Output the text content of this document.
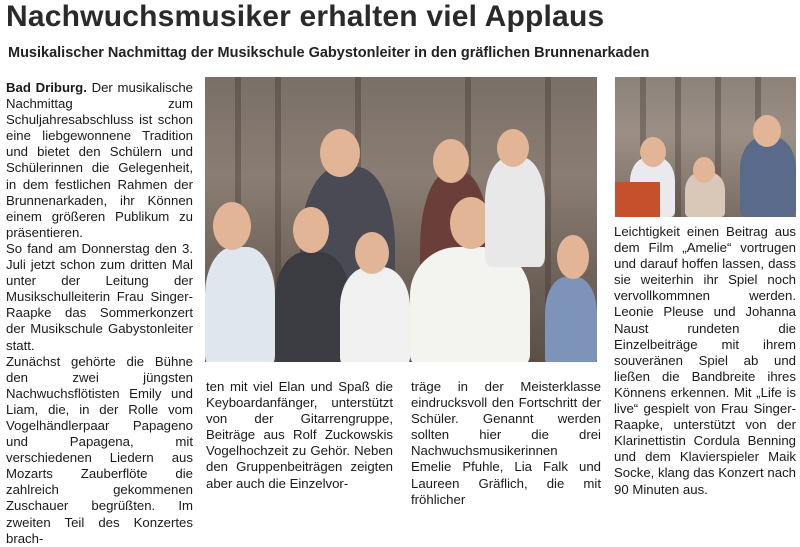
Nachwuchsmusiker erhalten viel Applaus
Musikalischer Nachmittag der Musikschule Gabystonleiter in den gräflichen Brunnenarkaden

Bad Driburg. Der musikalische Nachmittag zum Schuljahresabschluss ist schon eine liebgewonnene Tradition und bietet den Schülern und Schülerinnen die Gelegenheit, in dem festlichen Rahmen der Brunnenarkaden, ihr Können einem größeren Publikum zu präsentieren.

So fand am Donnerstag den 3. Juli jetzt schon zum dritten Mal unter der Leitung der Musikschulleiterin Frau Singer-Raapke das Sommerkonzert der Musikschule Gabystonleiter statt.

Zunächst gehörte die Bühne den zwei jüngsten Nachwuchsflötisten Emily und Liam, die, in der Rolle vom Vogelhändlerpaar Papageno und Papagena, mit verschiedenen Liedern aus Mozarts Zauberflöte die zahlreich gekommenen Zuschauer begrüßten. Im zweiten Teil des Konzertes brach-

ten mit viel Elan und Spaß die Keyboardanfänger, unterstützt von der Gitarrengruppe, Beiträge aus Rolf Zuckowskis Vogelhochzeit zu Gehör. Neben den Gruppenbeiträgen zeigten aber auch die Einzelvor-

träge in der Meisterklasse eindrucksvoll den Fortschritt der Schüler. Genannt werden sollten hier die drei Nachwuchsmusikerinnen Emelie Pfuhle, Lia Falk und Laureen Gräflich, die mit fröhlicher

Leichtigkeit einen Beitrag aus dem Film „Amelie“ vortrugen und darauf hoffen lassen, dass sie weiterhin ihr Spiel noch vervollkommnen werden. Leonie Pleuse und Johanna Naust rundeten die Einzelbeiträge mit ihrem souveränen Spiel ab und ließen die Bandbreite ihres Könnens erkennen. Mit „Life is live“ gespielt von Frau Singer-Raapke, unterstützt von der Klarinettistin Cordula Benning und dem Klavierspieler Maik Socke, klang das Konzert nach 90 Minuten aus.
